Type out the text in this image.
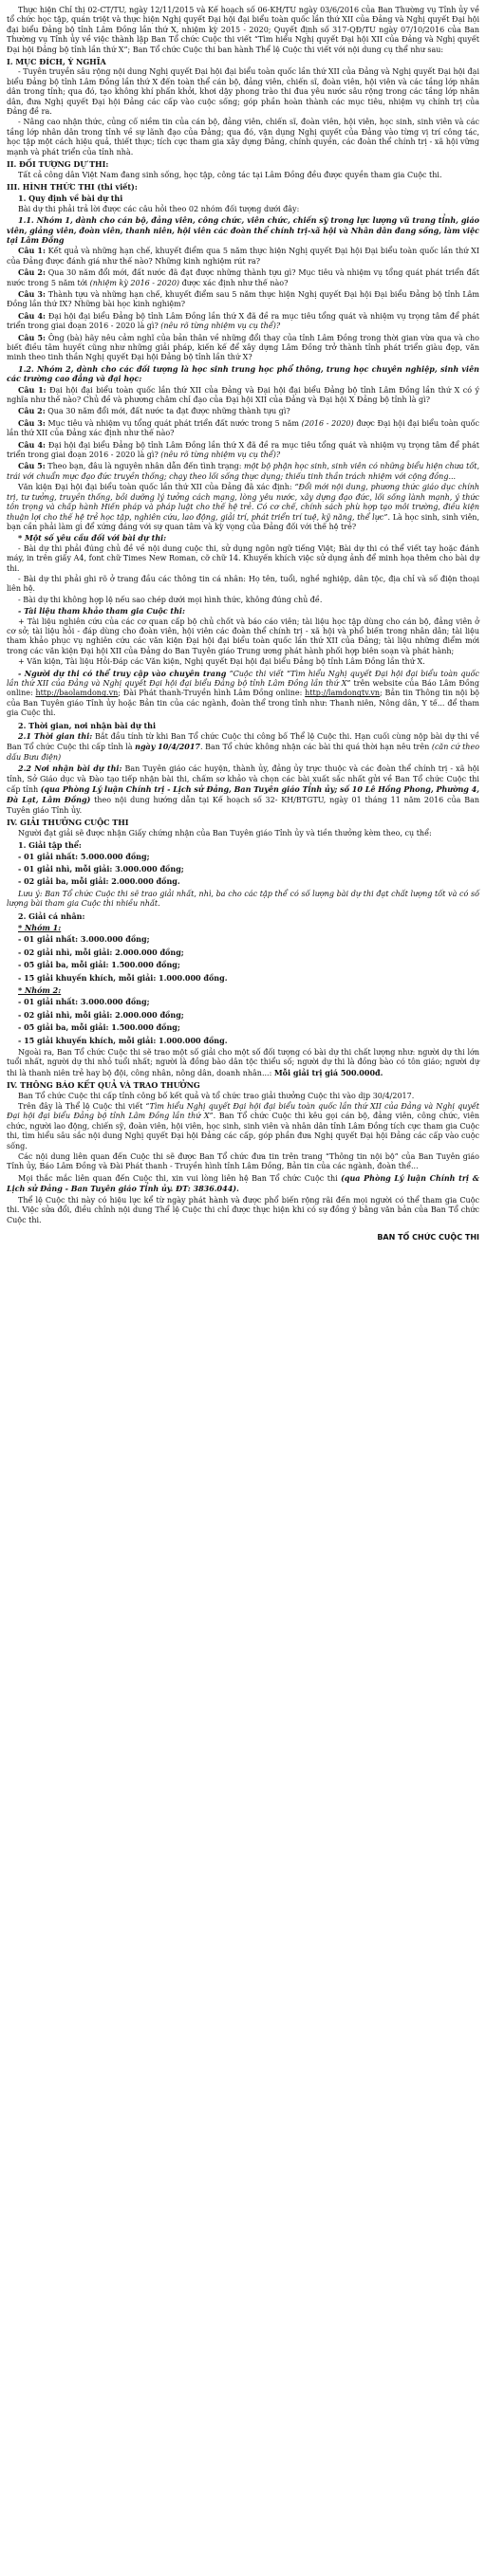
Thực hiện Chỉ thị 02-CT/TU, ngày 12/11/2015 và Kế hoạch số 06-KH/TU ngày 03/6/2016 của Ban Thường vụ Tỉnh ủy về tổ chức học tập, quán triệt và thực hiện Nghị quyết Đại hội đại biểu toàn quốc lần thứ XII của Đảng và Nghị quyết Đại hội đại biểu Đảng bộ tỉnh Lâm Đồng lần thứ X, nhiệm kỳ 2015 - 2020; Quyết định số 317-QĐ/TU ngày 07/10/2016 của Ban Thường vụ Tỉnh ủy về việc thành lập Ban Tổ chức Cuộc thi viết “Tìm hiểu Nghị quyết Đại hội XII của Đảng và Nghị quyết Đại hội Đảng bộ tỉnh lần thứ X”; Ban Tổ chức Cuộc thi ban hành Thể lệ Cuộc thi viết với nội dung cụ thể như sau:

I. MỤC ĐÍCH, Ý NGHĨA

- Tuyên truyền sâu rộng nội dung Nghị quyết Đại hội đại biểu toàn quốc lần thứ XII của Đảng và Nghị quyết Đại hội đại biểu Đảng bộ tỉnh Lâm Đồng lần thứ X đến toàn thể cán bộ, đảng viên, chiến sĩ, đoàn viên, hội viên và các tầng lớp nhân dân trong tỉnh; qua đó, tạo không khí phấn khởi, khơi dậy phong trào thi đua yêu nước sâu rộng trong các tầng lớp nhân dân, đưa Nghị quyết Đại hội Đảng các cấp vào cuộc sống; góp phần hoàn thành các mục tiêu, nhiệm vụ chính trị của Đảng đề ra.

- Nâng cao nhận thức, củng cố niềm tin của cán bộ, đảng viên, chiến sĩ, đoàn viên, hội viên, học sinh, sinh viên và các tầng lớp nhân dân trong tỉnh về sự lãnh đạo của Đảng; qua đó, vận dụng Nghị quyết của Đảng vào từng vị trí công tác, học tập một cách hiệu quả, thiết thực; tích cực tham gia xây dựng Đảng, chính quyền, các đoàn thể chính trị - xã hội vững mạnh và phát triển của tỉnh nhà.

II. ĐỐI TƯỢNG DỰ THI:

Tất cả công dân Việt Nam đang sinh sống, học tập, công tác tại Lâm Đồng đều được quyền tham gia Cuộc thi.

III. HÌNH THỨC THI (thi viết):

1. Quy định về bài dự thi

Bài dự thi phải trả lời được các câu hỏi theo 02 nhóm đối tượng dưới đây:

1.1. Nhóm 1, dành cho cán bộ, đảng viên, công chức, viên chức, chiến sỹ trong lực lượng vũ trang tỉnh, giáo viên, giảng viên, đoàn viên, thanh niên, hội viên các đoàn thể chính trị-xã hội và Nhân dân đang sống, làm việc tại Lâm Đồng

Câu 1: Kết quả và những hạn chế, khuyết điểm qua 5 năm thực hiện Nghị quyết Đại hội Đại biểu toàn quốc lần thứ XI của Đảng được đánh giá như thế nào? Những kinh nghiệm rút ra?

Câu 2: Qua 30 năm đổi mới, đất nước đã đạt được những thành tựu gì? Mục tiêu và nhiệm vụ tổng quát phát triển đất nước trong 5 năm tới (nhiệm kỳ 2016 - 2020) được xác định như thế nào?

Câu 3: Thành tựu và những hạn chế, khuyết điểm sau 5 năm thực hiện Nghị quyết Đại hội Đại biểu Đảng bộ tỉnh Lâm Đồng lần thứ IX? Những bài học kinh nghiệm?

Câu 4: Đại hội đại biểu Đảng bộ tỉnh Lâm Đồng lần thứ X đã đề ra mục tiêu tổng quát và nhiệm vụ trọng tâm để phát triển trong giai đoạn 2016 - 2020 là gì? (nêu rõ từng nhiệm vụ cụ thể)?

Câu 5: Ông (bà) hãy nêu cảm nghĩ của bản thân về những đổi thay của tỉnh Lâm Đồng trong thời gian vừa qua và cho biết điều tâm huyết cũng như những giải pháp, kiến kế để xây dựng Lâm Đồng trở thành tỉnh phát triển giàu đẹp, văn minh theo tinh thần Nghị quyết Đại hội Đảng bộ tỉnh lần thứ X?

1.2. Nhóm 2, dành cho các đối tượng là học sinh trung học phổ thông, trung học chuyên nghiệp, sinh viên các trường cao đẳng và đại học:

Câu 1: Đại hội đại biểu toàn quốc lần thứ XII của Đảng và Đại hội đại biểu Đảng bộ tỉnh Lâm Đồng lần thứ X có ý nghĩa như thế nào? Chủ đề và phương châm chỉ đạo của Đại hội XII của Đảng và Đại hội X Đảng bộ tỉnh là gì?

Câu 2: Qua 30 năm đổi mới, đất nước ta đạt được những thành tựu gì?

Câu 3: Mục tiêu và nhiệm vụ tổng quát phát triển đất nước trong 5 năm (2016 - 2020) được Đại hội đại biểu toàn quốc lần thứ XII của Đảng xác định như thế nào?

Câu 4: Đại hội đại biểu Đảng bộ tỉnh Lâm Đồng lần thứ X đã đề ra mục tiêu tổng quát và nhiệm vụ trọng tâm để phát triển trong giai đoạn 2016 - 2020 là gì? (nêu rõ từng nhiệm vụ cụ thể)?

Câu 5: Theo bạn, đâu là nguyên nhân dẫn đến tình trạng: một bộ phận học sinh, sinh viên có những biểu hiện chưa tốt, trái với chuẩn mực đạo đức truyền thống; chạy theo lối sống thực dụng; thiếu tinh thần trách nhiệm với cộng đồng...

Văn kiện Đại hội đại biểu toàn quốc lần thứ XII của Đảng đã xác định: “Đổi mới nội dung, phương thức giáo dục chính trị, tư tưởng, truyền thống, bồi dưỡng lý tưởng cách mạng, lòng yêu nước, xây dựng đạo đức, lối sống lành mạnh, ý thức tôn trọng và chấp hành Hiến pháp và pháp luật cho thế hệ trẻ. Có cơ chế, chính sách phù hợp tạo môi trường, điều kiện thuận lợi cho thế hệ trẻ học tập, nghiên cứu, lao động, giải trí, phát triển trí tuệ, kỹ năng, thể lực”. Là học sinh, sinh viên, bạn cần phải làm gì để xứng đáng với sự quan tâm và kỳ vọng của Đảng đối với thế hệ trẻ?

* Một số yêu cầu đối với bài dự thi:

- Bài dự thi phải đúng chủ đề về nội dung cuộc thi, sử dụng ngôn ngữ tiếng Việt; Bài dự thi có thể viết tay hoặc đánh máy, in trên giấy A4, font chữ Times New Roman, cỡ chữ 14. Khuyến khích việc sử dụng ảnh để minh họa thêm cho bài dự thi.

- Bài dự thi phải ghi rõ ở trang đầu các thông tin cá nhân: Họ tên, tuổi, nghề nghiệp, dân tộc, địa chỉ và số điện thoại liên hệ.

- Bài dự thi không hợp lệ nếu sao chép dưới mọi hình thức, không đúng chủ đề.

- Tài liệu tham khảo tham gia Cuộc thi:

+ Tài liệu nghiên cứu của các cơ quan cấp bộ chủ chốt và báo cáo viên; tài liệu học tập dùng cho cán bộ, đảng viên ở cơ sở; tài liệu hỏi - đáp dùng cho đoàn viên, hội viên các đoàn thể chính trị - xã hội và phổ biến trong nhân dân; tài liệu tham khảo phục vụ nghiên cứu các văn kiện Đại hội đại biểu toàn quốc lần thứ XII của Đảng; tài liệu những điểm mới trong các văn kiện Đại hội XII của Đảng do Ban Tuyên giáo Trung ương phát hành phối hợp biên soạn và phát hành;

+ Văn kiện, Tài liệu Hỏi-Đáp các Văn kiện, Nghị quyết Đại hội đại biểu Đảng bộ tỉnh Lâm Đồng lần thứ X.

- Người dự thi có thể truy cập vào chuyên trang “Cuộc thi viết “Tìm hiểu Nghị quyết Đại hội đại biểu toàn quốc lần thứ XII của Đảng và Nghị quyết Đại hội đại biểu Đảng bộ tỉnh Lâm Đồng lần thứ X” trên website của Báo Lâm Đồng online: http://baolamdong.vn; Đài Phát thanh-Truyền hình Lâm Đồng online: http://lamdongtv.vn; Bản tin Thông tin nội bộ của Ban Tuyên giáo Tỉnh ủy hoặc Bản tin của các ngành, đoàn thể trong tỉnh như: Thanh niên, Nông dân, Y tế... để tham gia Cuộc thi.

2. Thời gian, nơi nhận bài dự thi

2.1 Thời gian thi: Bắt đầu tính từ khi Ban Tổ chức Cuộc thi công bố Thể lệ Cuộc thi. Hạn cuối cùng nộp bài dự thi về Ban Tổ chức Cuộc thi cấp tỉnh là ngày 10/4/2017. Ban Tổ chức không nhận các bài thi quá thời hạn nêu trên (căn cứ theo dấu Bưu điện)

2.2 Nơi nhận bài dự thi: Ban Tuyên giáo các huyện, thành ủy, đảng ủy trực thuộc và các đoàn thể chính trị - xã hội tỉnh, Sở Giáo dục và Đào tạo tiếp nhận bài thi, chấm sơ khảo và chọn các bài xuất sắc nhất gửi về Ban Tổ chức Cuộc thi cấp tỉnh (qua Phòng Lý luận Chính trị - Lịch sử Đảng, Ban Tuyên giáo Tỉnh ủy; số 10 Lê Hồng Phong, Phường 4, Đà Lạt, Lâm Đồng) theo nội dung hướng dẫn tại Kế hoạch số 32- KH/BTGTU, ngày 01 tháng 11 năm 2016 của Ban Tuyên giáo Tỉnh ủy.

IV. GIẢI THƯỞNG CUỘC THI

Người đạt giải sẽ được nhận Giấy chứng nhận của Ban Tuyên giáo Tỉnh ủy và tiền thưởng kèm theo, cụ thể:

1. Giải tập thể:

- 01 giải nhất: 5.000.000 đồng;

- 01 giải nhì, mỗi giải: 3.000.000 đồng;

- 02 giải ba, mỗi giải: 2.000.000 đồng.

Lưu ý: Ban Tổ chức Cuộc thi sẽ trao giải nhất, nhì, ba cho các tập thể có số lượng bài dự thi đạt chất lượng tốt và có số lượng bài tham gia Cuộc thi nhiều nhất.

2. Giải cá nhân:

* Nhóm 1:

- 01 giải nhất: 3.000.000 đồng;

- 02 giải nhì, mỗi giải: 2.000.000 đồng;

- 05 giải ba, mỗi giải: 1.500.000 đồng;

- 15 giải khuyến khích, mỗi giải: 1.000.000 đồng.

* Nhóm 2:

- 01 giải nhất: 3.000.000 đồng;

- 02 giải nhì, mỗi giải: 2.000.000 đồng;

- 05 giải ba, mỗi giải: 1.500.000 đồng;

- 15 giải khuyến khích, mỗi giải: 1.000.000 đồng.

Ngoài ra, Ban Tổ chức Cuộc thi sẽ trao một số giải cho một số đối tượng có bài dự thi chất lượng như: người dự thi lớn tuổi nhất, người dự thi nhỏ tuổi nhất; người là đồng bào dân tộc thiểu số; người dự thi là đồng bào có tôn giáo; người dự thi là thanh niên trẻ hay bộ đội, công nhân, nông dân, doanh nhân...: Mỗi giải trị giá 500.000đ.

IV. THÔNG BÁO KẾT QUẢ VÀ TRAO THƯỞNG

Ban Tổ chức Cuộc thi cấp tỉnh công bố kết quả và tổ chức trao giải thưởng Cuộc thi vào dịp 30/4/2017.

Trên đây là Thể lệ Cuộc thi viết “Tìm hiểu Nghị quyết Đại hội đại biểu toàn quốc lần thứ XII của Đảng và Nghị quyết Đại hội đại biểu Đảng bộ tỉnh Lâm Đồng lần thứ X”. Ban Tổ chức Cuộc thi kêu gọi cán bộ, đảng viên, công chức, viên chức, người lao động, chiến sỹ, đoàn viên, hội viên, học sinh, sinh viên và nhân dân tỉnh Lâm Đồng tích cực tham gia Cuộc thi, tìm hiểu sâu sắc nội dung Nghị quyết Đại hội Đảng các cấp, góp phần đưa Nghị quyết Đại hội Đảng các cấp vào cuộc sống.

Các nội dung liên quan đến Cuộc thi sẽ được Ban Tổ chức đưa tin trên trang “Thông tin nội bộ” của Ban Tuyên giáo Tỉnh ủy, Báo Lâm Đồng và Đài Phát thanh - Truyền hình tỉnh Lâm Đồng, Bản tin của các ngành, đoàn thể...

Mọi thắc mắc liên quan đến Cuộc thi, xin vui lòng liên hệ Ban Tổ chức Cuộc thi (qua Phòng Lý luận Chính trị & Lịch sử Đảng - Ban Tuyên giáo Tỉnh ủy. ĐT: 3836.044).

Thể lệ Cuộc thi này có hiệu lực kể từ ngày phát hành và được phổ biến rộng rãi đến mọi người có thể tham gia Cuộc thi. Việc sửa đổi, điều chỉnh nội dung Thể lệ Cuộc thi chỉ được thực hiện khi có sự đồng ý bằng văn bản của Ban Tổ chức Cuộc thi.

BAN TỔ CHỨC CUỘC THI
